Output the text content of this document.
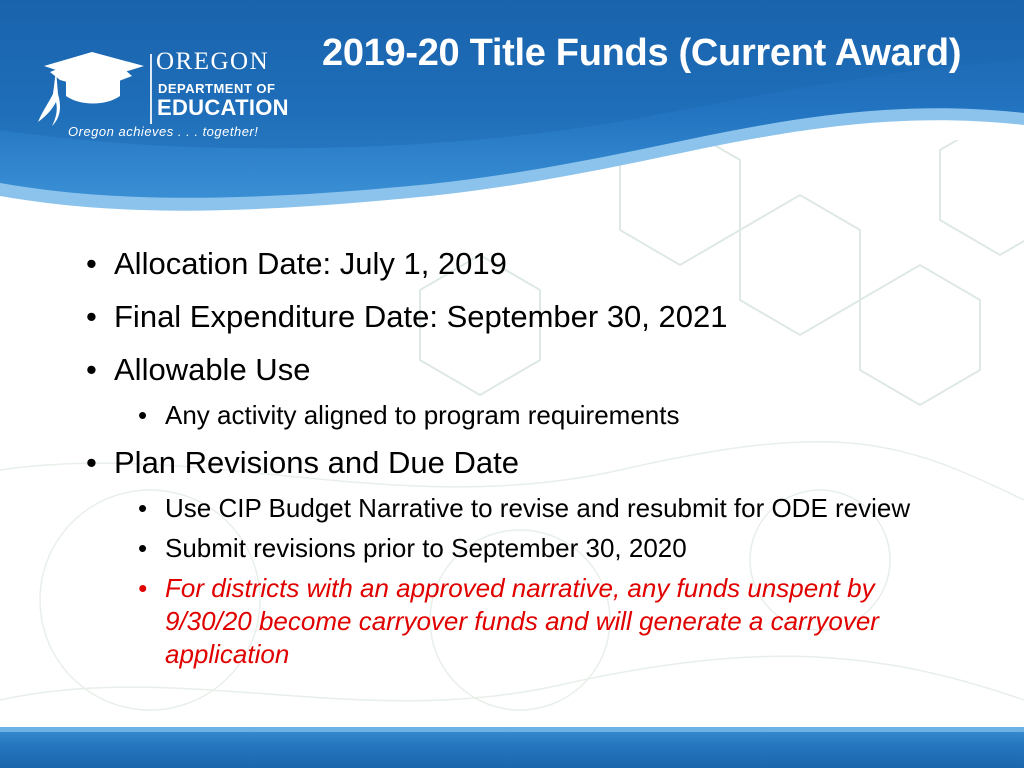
OREGON
DEPARTMENT OF
EDUCATION
Oregon achieves . . . together!
2019-20 Title Funds (Current Award)
• Allocation Date: July 1, 2019
• Final Expenditure Date: September 30, 2021
• Allowable Use
• Any activity aligned to program requirements
• Plan Revisions and Due Date
• Use CIP Budget Narrative to revise and resubmit for ODE review
• Submit revisions prior to September 30, 2020
• For districts with an approved narrative, any funds unspent by 9/30/20 become carryover funds and will generate a carryover application
